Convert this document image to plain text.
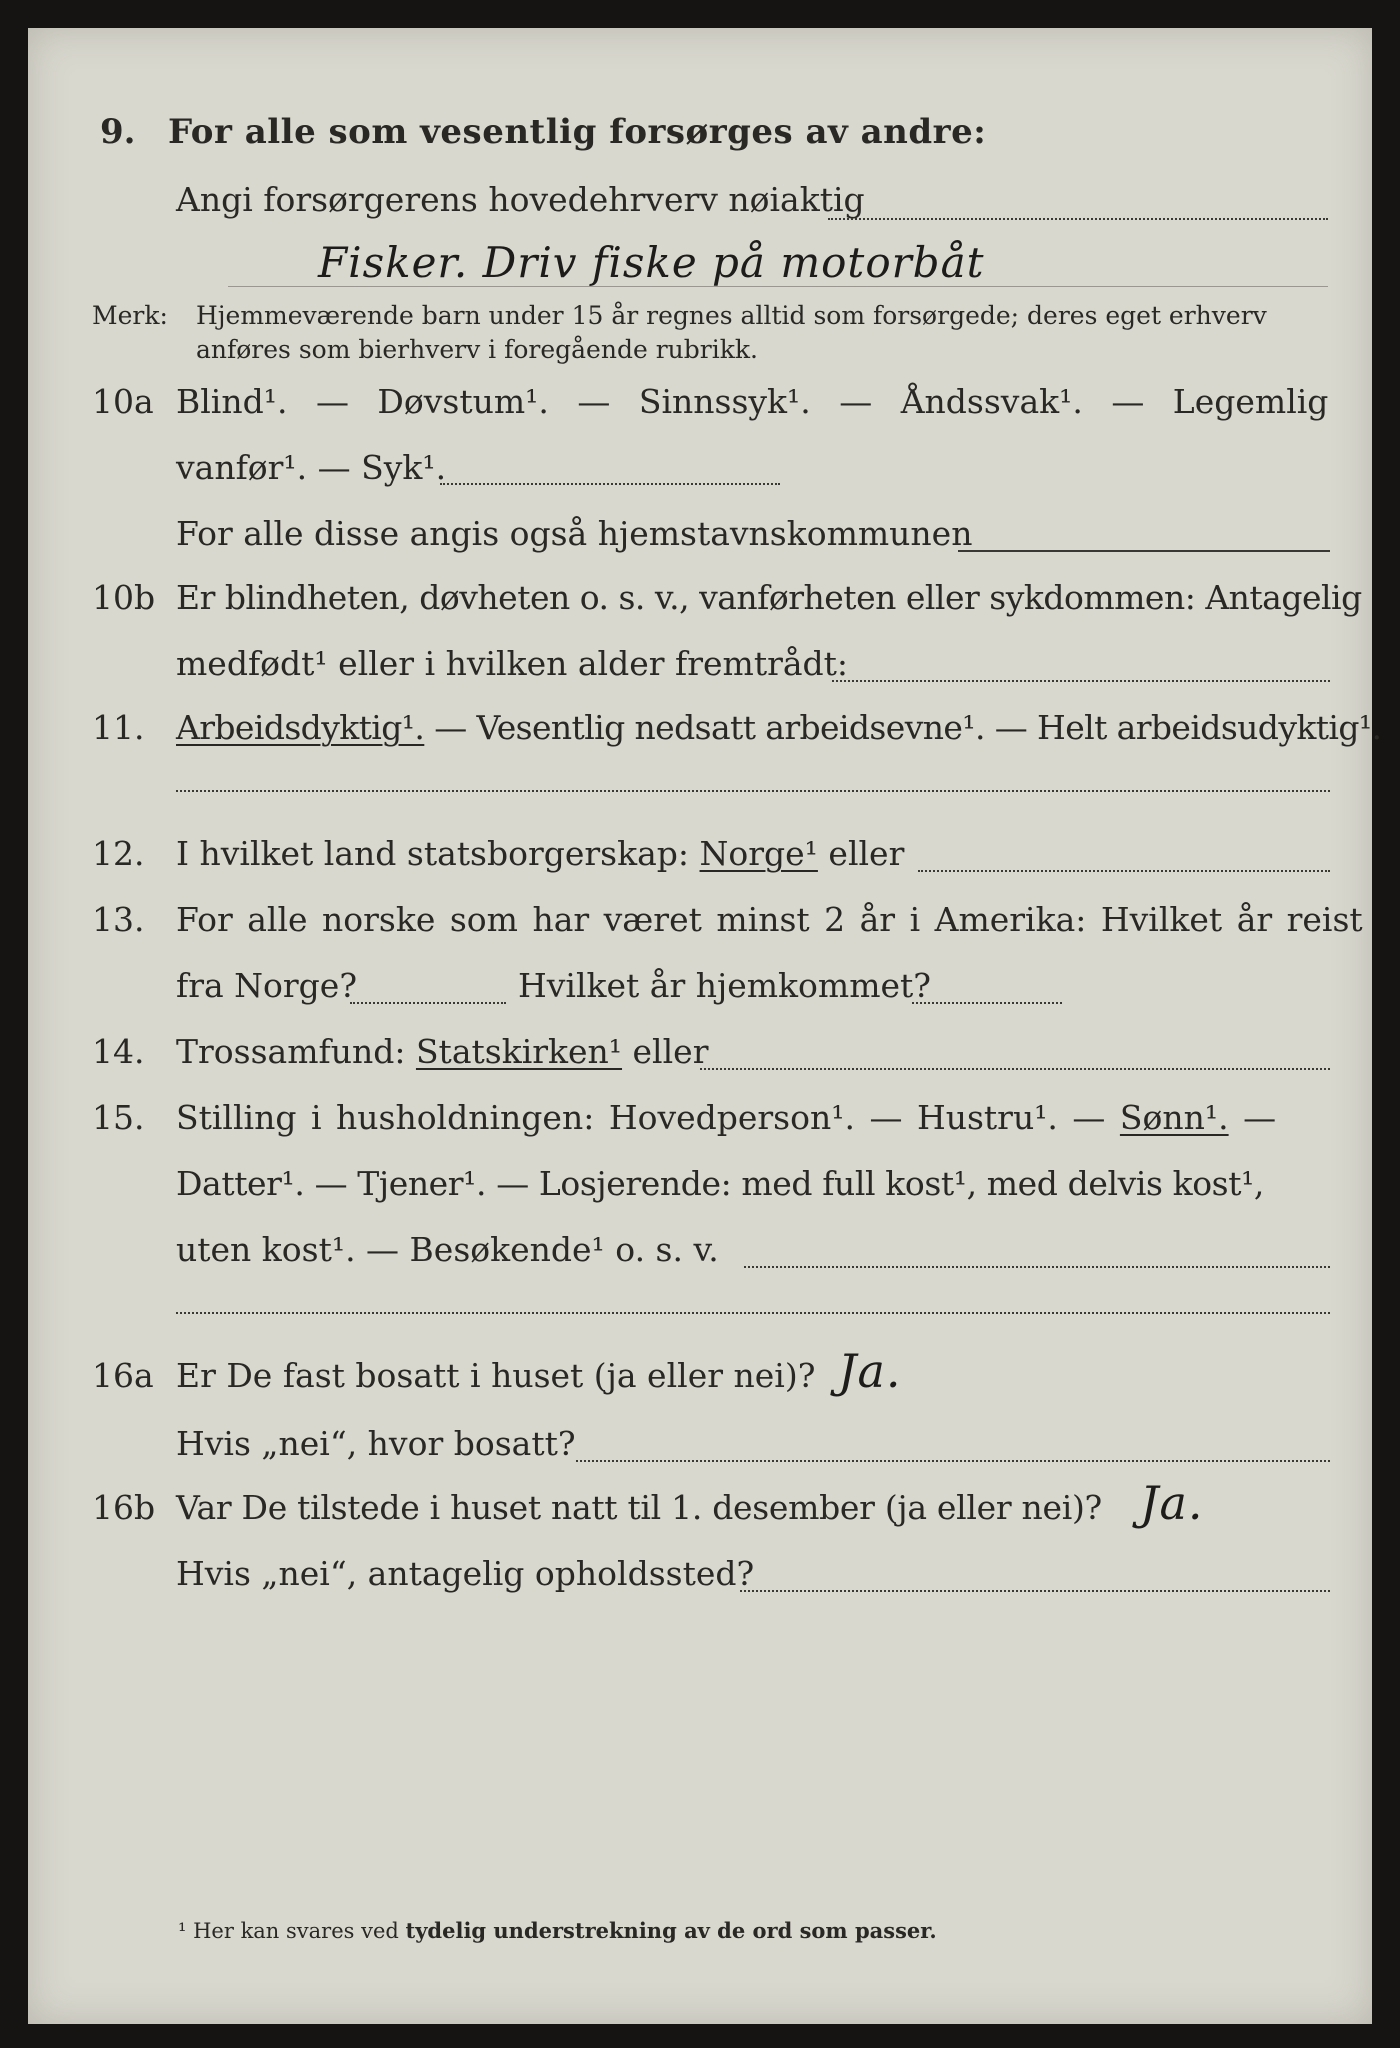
9. For alle som vesentlig forsørges av andre:
Angi forsørgerens hovedehrverv nøiaktig
Fisker. Driv fiske på motorbåt
Merk: Hjemmeværende barn under 15 år regnes alltid som forsørgede; deres eget erhverv
anføres som bierhverv i foregående rubrikk.
10a Blind¹. — Døvstum¹. — Sinnssyk¹. — Åndssvak¹. — Legemlig
vanfør¹. — Syk¹.
For alle disse angis også hjemstavnskommunen
10b Er blindheten, døvheten o. s. v., vanførheten eller sykdommen: Antagelig
medfødt¹ eller i hvilken alder fremtrådt:
11. Arbeidsdyktig¹. — Vesentlig nedsatt arbeidsevne¹. — Helt arbeidsudyktig¹.
12. I hvilket land statsborgerskap: Norge¹ eller
13. For alle norske som har været minst 2 år i Amerika: Hvilket år reist
fra Norge?	Hvilket år hjemkommet?
14. Trossamfund: Statskirken¹ eller
15. Stilling i husholdningen: Hovedperson¹. — Hustru¹. — Sønn¹. —
Datter¹. — Tjener¹. — Losjerende: med full kost¹, med delvis kost¹,
uten kost¹. — Besøkende¹ o. s. v.
16a Er De fast bosatt i huset (ja eller nei)? Ja.
Hvis „nei“, hvor bosatt?
16b Var De tilstede i huset natt til 1. desember (ja eller nei)? Ja.
Hvis „nei“, antagelig opholdssted?
¹ Her kan svares ved tydelig understrekning av de ord som passer.
